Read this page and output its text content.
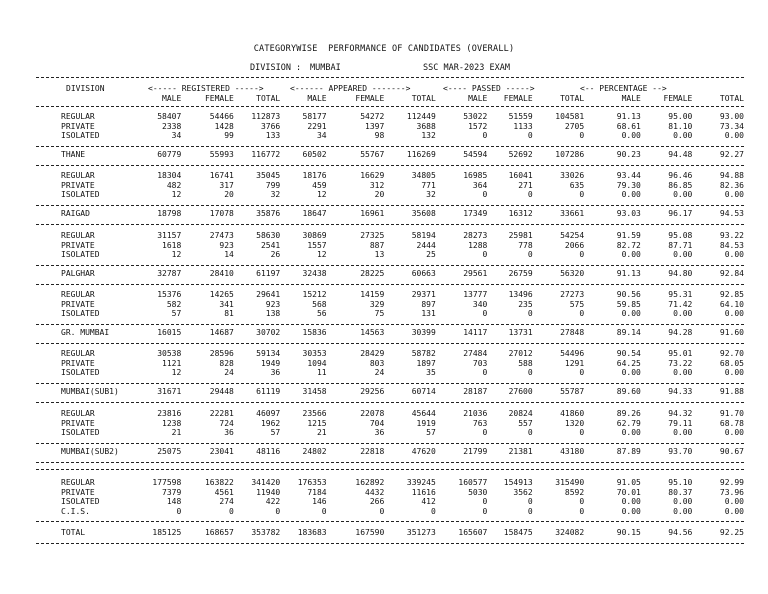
CATEGORYWISE  PERFORMANCE OF CANDIDATES (OVERALL)
DIVISION : MUMBAI	SSC MAR-2023 EXAM
DIVISION	<----- REGISTERED ----->	<------ APPEARED ------->	<---- PASSED ----->	<-- PERCENTAGE -->
	MALE	FEMALE	TOTAL	MALE	FEMALE	TOTAL	MALE	FEMALE	TOTAL	MALE	FEMALE	TOTAL
REGULAR	58407	54466	112873	58177	54272	112449	53022	51559	104581	91.13	95.00	93.00
PRIVATE	2338	1428	3766	2291	1397	3688	1572	1133	2705	68.61	81.10	73.34
ISOLATED	34	99	133	34	98	132	0	0	0	0.00	0.00	0.00
THANE	60779	55993	116772	60502	55767	116269	54594	52692	107286	90.23	94.48	92.27
REGULAR	18304	16741	35045	18176	16629	34805	16985	16041	33026	93.44	96.46	94.88
PRIVATE	482	317	799	459	312	771	364	271	635	79.30	86.85	82.36
ISOLATED	12	20	32	12	20	32	0	0	0	0.00	0.00	0.00
RAIGAD	18798	17078	35876	18647	16961	35608	17349	16312	33661	93.03	96.17	94.53
REGULAR	31157	27473	58630	30869	27325	58194	28273	25981	54254	91.59	95.08	93.22
PRIVATE	1618	923	2541	1557	887	2444	1288	778	2066	82.72	87.71	84.53
ISOLATED	12	14	26	12	13	25	0	0	0	0.00	0.00	0.00
PALGHAR	32787	28410	61197	32438	28225	60663	29561	26759	56320	91.13	94.80	92.84
REGULAR	15376	14265	29641	15212	14159	29371	13777	13496	27273	90.56	95.31	92.85
PRIVATE	582	341	923	568	329	897	340	235	575	59.85	71.42	64.10
ISOLATED	57	81	138	56	75	131	0	0	0	0.00	0.00	0.00
GR. MUMBAI	16015	14687	30702	15836	14563	30399	14117	13731	27848	89.14	94.28	91.60
REGULAR	30538	28596	59134	30353	28429	58782	27484	27012	54496	90.54	95.01	92.70
PRIVATE	1121	828	1949	1094	803	1897	703	588	1291	64.25	73.22	68.05
ISOLATED	12	24	36	11	24	35	0	0	0	0.00	0.00	0.00
MUMBAI(SUB1)	31671	29448	61119	31458	29256	60714	28187	27600	55787	89.60	94.33	91.88
REGULAR	23816	22281	46097	23566	22078	45644	21036	20824	41860	89.26	94.32	91.70
PRIVATE	1238	724	1962	1215	704	1919	763	557	1320	62.79	79.11	68.78
ISOLATED	21	36	57	21	36	57	0	0	0	0.00	0.00	0.00
MUMBAI(SUB2)	25075	23041	48116	24802	22818	47620	21799	21381	43180	87.89	93.70	90.67
REGULAR	177598	163822	341420	176353	162892	339245	160577	154913	315490	91.05	95.10	92.99
PRIVATE	7379	4561	11940	7184	4432	11616	5030	3562	8592	70.01	80.37	73.96
ISOLATED	148	274	422	146	266	412	0	0	0	0.00	0.00	0.00
C.I.S.	0	0	0	0	0	0	0	0	0	0.00	0.00	0.00
TOTAL	185125	168657	353782	183683	167590	351273	165607	158475	324082	90.15	94.56	92.25
